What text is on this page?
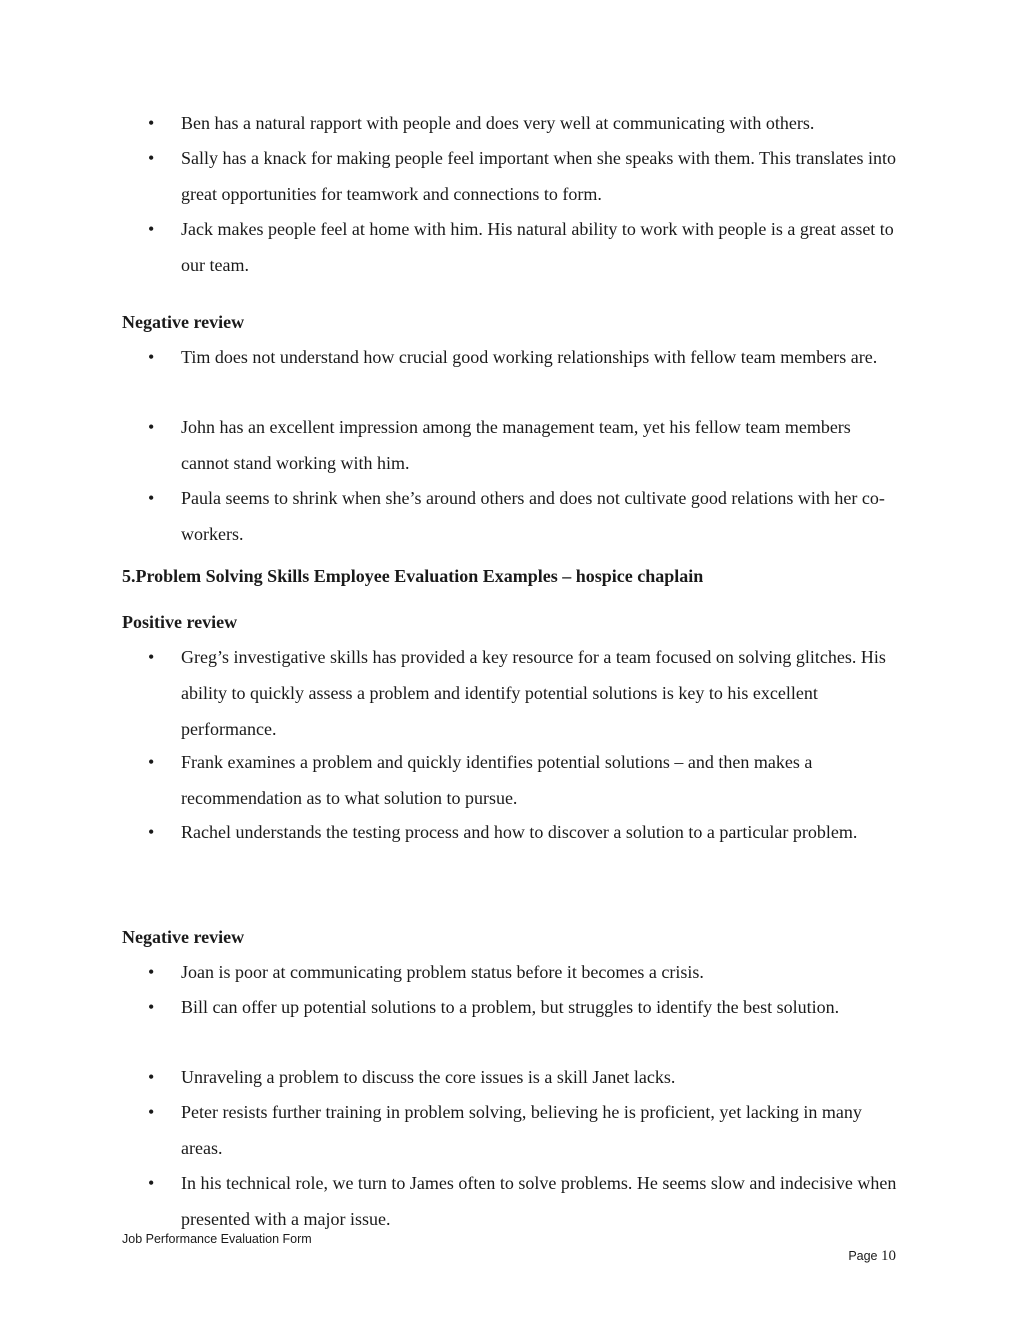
• Ben has a natural rapport with people and does very well at communicating with others.
• Sally has a knack for making people feel important when she speaks with them. This translates into great opportunities for teamwork and connections to form.
• Jack makes people feel at home with him. His natural ability to work with people is a great asset to our team.
Negative review
• Tim does not understand how crucial good working relationships with fellow team members are.
• John has an excellent impression among the management team, yet his fellow team members cannot stand working with him.
• Paula seems to shrink when she’s around others and does not cultivate good relations with her co-workers.
5.Problem Solving Skills Employee Evaluation Examples – hospice chaplain
Positive review
• Greg’s investigative skills has provided a key resource for a team focused on solving glitches. His ability to quickly assess a problem and identify potential solutions is key to his excellent performance.
• Frank examines a problem and quickly identifies potential solutions – and then makes a recommendation as to what solution to pursue.
• Rachel understands the testing process and how to discover a solution to a particular problem.
Negative review
• Joan is poor at communicating problem status before it becomes a crisis.
• Bill can offer up potential solutions to a problem, but struggles to identify the best solution.
• Unraveling a problem to discuss the core issues is a skill Janet lacks.
• Peter resists further training in problem solving, believing he is proficient, yet lacking in many areas.
• In his technical role, we turn to James often to solve problems. He seems slow and indecisive when presented with a major issue.
Job Performance Evaluation Form
Page 10
